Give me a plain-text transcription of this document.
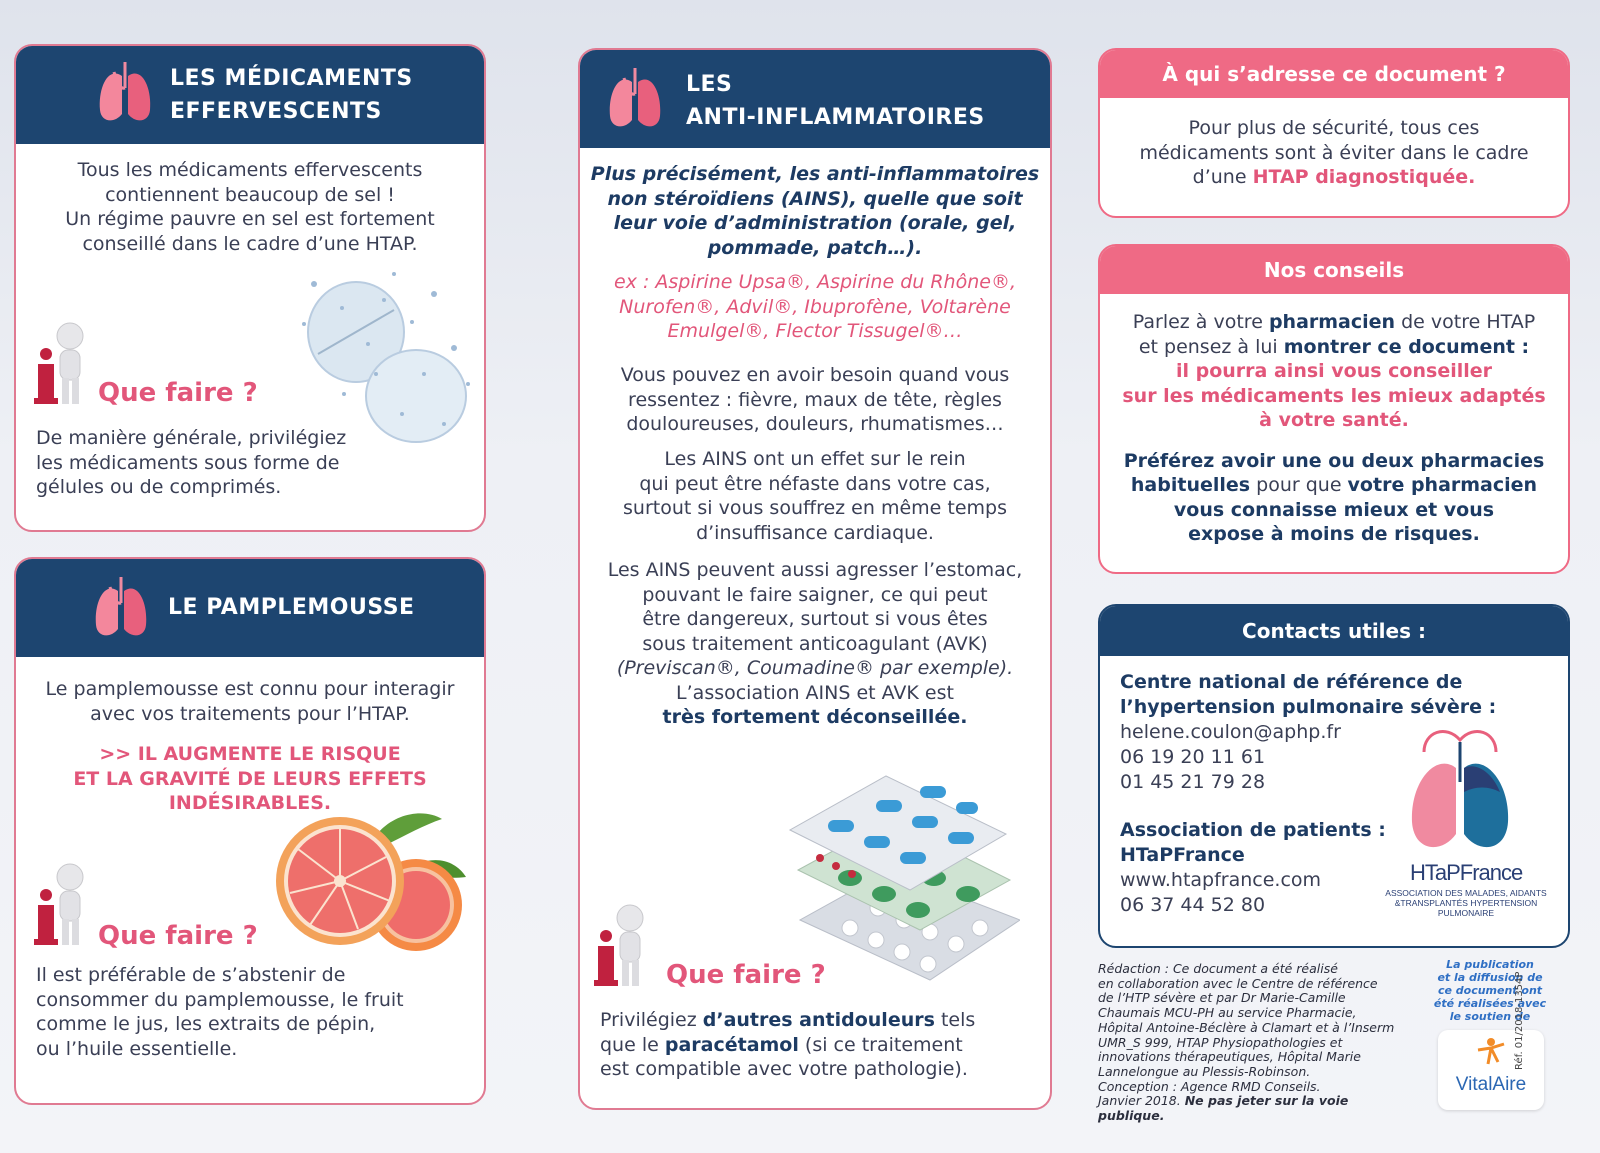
LES MÉDICAMENTS
EFFERVESCENTS
Tous les médicaments effervescents
contiennent beaucoup de sel !
Un régime pauvre en sel est fortement
conseillé dans le cadre d’une HTAP.
Que faire ?
De manière générale, privilégiez
les médicaments sous forme de
gélules ou de comprimés.
LE PAMPLEMOUSSE
Le pamplemousse est connu pour interagir
avec vos traitements pour l’HTAP.
>> IL AUGMENTE LE RISQUE
ET LA GRAVITÉ DE LEURS EFFETS
INDÉSIRABLES.
Que faire ?
Il est préférable de s’abstenir de
consommer du pamplemousse, le fruit
comme le jus, les extraits de pépin,
ou l’huile essentielle.
LES
ANTI-INFLAMMATOIRES
Plus précisément, les anti-inflammatoires
non stéroïdiens (AINS), quelle que soit
leur voie d’administration (orale, gel,
pommade, patch…).
ex : Aspirine Upsa®, Aspirine du Rhône®,
Nurofen®, Advil®, Ibuprofène, Voltarène
Emulgel®, Flector Tissugel®…
Vous pouvez en avoir besoin quand vous
ressentez : fièvre, maux de tête, règles
douloureuses, douleurs, rhumatismes…
Les AINS ont un effet sur le rein
qui peut être néfaste dans votre cas,
surtout si vous souffrez en même temps
d’insuffisance cardiaque.
Les AINS peuvent aussi agresser l’estomac,
pouvant le faire saigner, ce qui peut
être dangereux, surtout si vous êtes
sous traitement anticoagulant (AVK)
(Previscan®, Coumadine® par exemple).
L’association AINS et AVK est
très fortement déconseillée.
Que faire ?
Privilégiez d’autres antidouleurs tels
que le paracétamol (si ce traitement
est compatible avec votre pathologie).
À qui s’adresse ce document ?
Pour plus de sécurité, tous ces
médicaments sont à éviter dans le cadre
d’une HTAP diagnostiquée.
Nos conseils
Parlez à votre pharmacien de votre HTAP
et pensez à lui montrer ce document :
il pourra ainsi vous conseiller
sur les médicaments les mieux adaptés
à votre santé.
Préférez avoir une ou deux pharmacies
habituelles pour que votre pharmacien
vous connaisse mieux et vous
expose à moins de risques.
Contacts utiles :
Centre national de référence de
l’hypertension pulmonaire sévère :
helene.coulon@aphp.fr
06 19 20 11 61
01 45 21 79 28
Association de patients :
HTaPFrance
www.htapfrance.com
06 37 44 52 80
HTaPFrance
ASSOCIATION DES MALADES, AIDANTS
&TRANSPLANTÉS HYPERTENSION PULMONAIRE
Rédaction : Ce document a été réalisé
en collaboration avec le Centre de référence
de l’HTP sévère et par Dr Marie-Camille
Chaumais MCU-PH au service Pharmacie,
Hôpital Antoine-Béclère à Clamart et à l’Inserm
UMR_S 999, HTAP Physiopathologies et
innovations thérapeutiques, Hôpital Marie
Lannelongue au Plessis-Robinson.
Conception : Agence RMD Conseils.
Janvier 2018. Ne pas jeter sur la voie publique.
La publication
et la diffusion de
ce document ont
été réalisées avec
le soutien de
VitalAire
Réf. 01/2018-1354P
